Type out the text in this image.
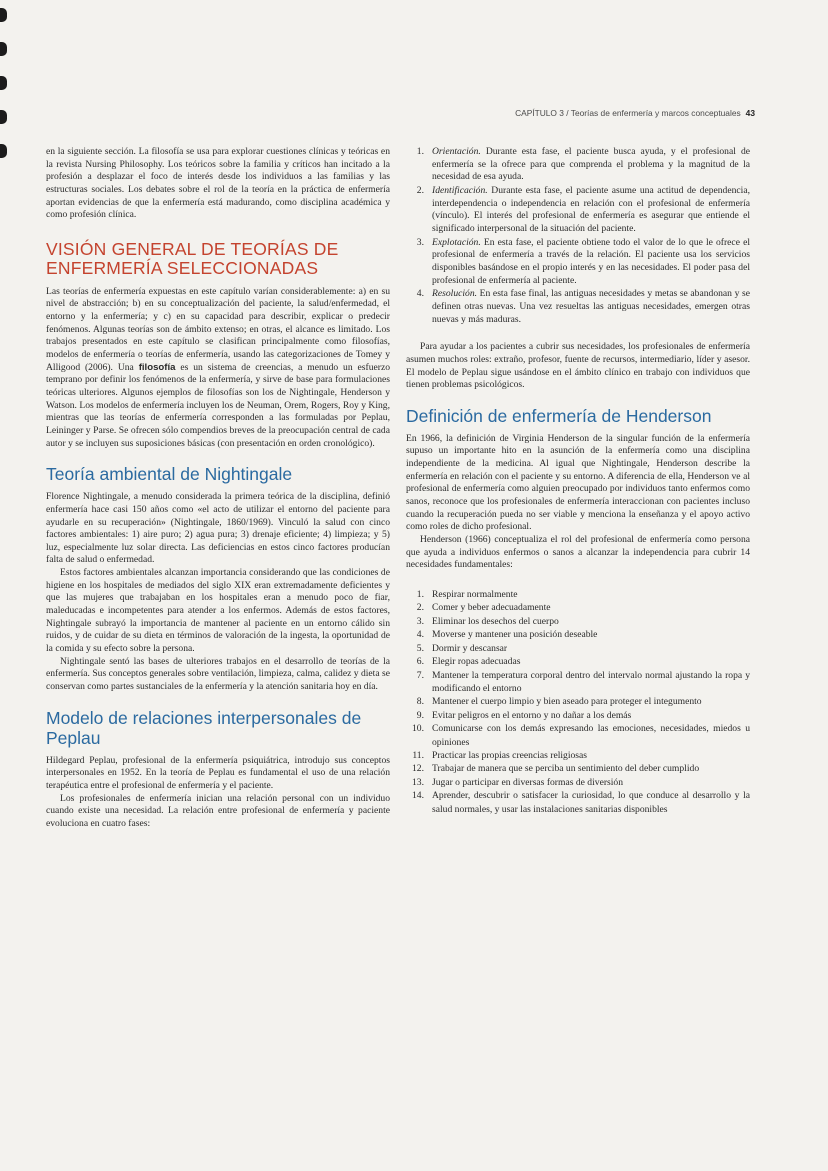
CAPÍTULO 3 / Teorías de enfermería y marcos conceptuales 43

en la siguiente sección. La filosofía se usa para explorar cuestiones clínicas y teóricas en la revista Nursing Philosophy. Los teóricos sobre la familia y críticos han incitado a la profesión a desplazar el foco de interés desde los individuos a las familias y las estructuras sociales. Los debates sobre el rol de la teoría en la práctica de enfermería aportan evidencias de que la enfermería está madurando, como disciplina académica y como profesión clínica.

VISIÓN GENERAL DE TEORÍAS DE ENFERMERÍA SELECCIONADAS

Las teorías de enfermería expuestas en este capítulo varían considerablemente: a) en su nivel de abstracción; b) en su conceptualización del paciente, la salud/enfermedad, el entorno y la enfermería; y c) en su capacidad para describir, explicar o predecir fenómenos. Algunas teorías son de ámbito extenso; en otras, el alcance es limitado. Los trabajos presentados en este capítulo se clasifican principalmente como filosofías, modelos de enfermería o teorías de enfermería, usando las categorizaciones de Tomey y Alligood (2006). Una filosofía es un sistema de creencias, a menudo un esfuerzo temprano por definir los fenómenos de la enfermería, y sirve de base para formulaciones teóricas ulteriores. Algunos ejemplos de filosofías son los de Nightingale, Henderson y Watson. Los modelos de enfermería incluyen los de Neuman, Orem, Rogers, Roy y King, mientras que las teorías de enfermería corresponden a las formuladas por Peplau, Leininger y Parse. Se ofrecen sólo compendios breves de la preocupación central de cada autor y se incluyen sus suposiciones básicas (con presentación en orden cronológico).

Teoría ambiental de Nightingale

Florence Nightingale, a menudo considerada la primera teórica de la disciplina, definió enfermería hace casi 150 años como «el acto de utilizar el entorno del paciente para ayudarle en su recuperación» (Nightingale, 1860/1969). Vinculó la salud con cinco factores ambientales: 1) aire puro; 2) agua pura; 3) drenaje eficiente; 4) limpieza; y 5) luz, especialmente luz solar directa. Las deficiencias en estos cinco factores producían falta de salud o enfermedad.

Estos factores ambientales alcanzan importancia considerando que las condiciones de higiene en los hospitales de mediados del siglo XIX eran extremadamente deficientes y que las mujeres que trabajaban en los hospitales eran a menudo poco de fiar, maleducadas e incompetentes para atender a los enfermos. Además de estos factores, Nightingale subrayó la importancia de mantener al paciente en un entorno cálido sin ruidos, y de cuidar de su dieta en términos de valoración de la ingesta, la oportunidad de la comida y su efecto sobre la persona.

Nightingale sentó las bases de ulteriores trabajos en el desarrollo de teorías de la enfermería. Sus conceptos generales sobre ventilación, limpieza, calma, calidez y dieta se conservan como partes sustanciales de la enfermería y la atención sanitaria hoy en día.

Modelo de relaciones interpersonales de Peplau

Hildegard Peplau, profesional de la enfermería psiquiátrica, introdujo sus conceptos interpersonales en 1952. En la teoría de Peplau es fundamental el uso de una relación terapéutica entre el profesional de enfermería y el paciente.

Los profesionales de enfermería inician una relación personal con un individuo cuando existe una necesidad. La relación entre profesional de enfermería y paciente evoluciona en cuatro fases:

1. Orientación. Durante esta fase, el paciente busca ayuda, y el profesional de enfermería se la ofrece para que comprenda el problema y la magnitud de la necesidad de esa ayuda.
2. Identificación. Durante esta fase, el paciente asume una actitud de dependencia, interdependencia o independencia en relación con el profesional de enfermería (vínculo). El interés del profesional de enfermería es asegurar que entiende el significado interpersonal de la situación del paciente.
3. Explotación. En esta fase, el paciente obtiene todo el valor de lo que le ofrece el profesional de enfermería a través de la relación. El paciente usa los servicios disponibles basándose en el propio interés y en las necesidades. El poder pasa del profesional de enfermería al paciente.
4. Resolución. En esta fase final, las antiguas necesidades y metas se abandonan y se definen otras nuevas. Una vez resueltas las antiguas necesidades, emergen otras nuevas y más maduras.

Para ayudar a los pacientes a cubrir sus necesidades, los profesionales de enfermería asumen muchos roles: extraño, profesor, fuente de recursos, intermediario, líder y asesor. El modelo de Peplau sigue usándose en el ámbito clínico en trabajo con individuos que tienen problemas psicológicos.

Definición de enfermería de Henderson

En 1966, la definición de Virginia Henderson de la singular función de la enfermería supuso un importante hito en la asunción de la enfermería como una disciplina independiente de la medicina. Al igual que Nightingale, Henderson describe la enfermería en relación con el paciente y su entorno. A diferencia de ella, Henderson ve al profesional de enfermería como alguien preocupado por individuos tanto enfermos como sanos, reconoce que los profesionales de enfermería interaccionan con pacientes incluso cuando la recuperación pueda no ser viable y menciona la enseñanza y el apoyo activo como roles de dicho profesional.

Henderson (1966) conceptualiza el rol del profesional de enfermería como persona que ayuda a individuos enfermos o sanos a alcanzar la independencia para cubrir 14 necesidades fundamentales:

1. Respirar normalmente
2. Comer y beber adecuadamente
3. Eliminar los desechos del cuerpo
4. Moverse y mantener una posición deseable
5. Dormir y descansar
6. Elegir ropas adecuadas
7. Mantener la temperatura corporal dentro del intervalo normal ajustando la ropa y modificando el entorno
8. Mantener el cuerpo limpio y bien aseado para proteger el integumento
9. Evitar peligros en el entorno y no dañar a los demás
10. Comunicarse con los demás expresando las emociones, necesidades, miedos u opiniones
11. Practicar las propias creencias religiosas
12. Trabajar de manera que se perciba un sentimiento del deber cumplido
13. Jugar o participar en diversas formas de diversión
14. Aprender, descubrir o satisfacer la curiosidad, lo que conduce al desarrollo y la salud normales, y usar las instalaciones sanitarias disponibles
